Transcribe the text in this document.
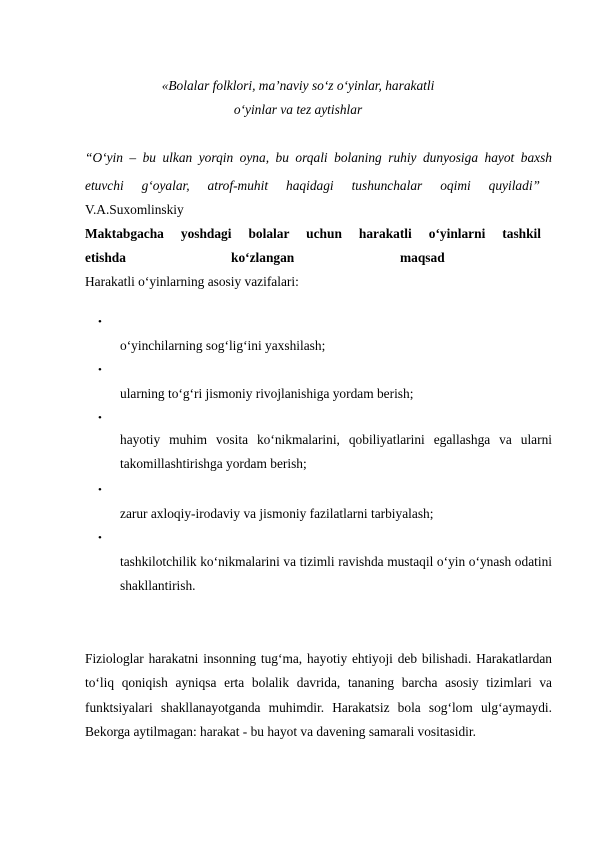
«Bolalar folklori, ma’naviy so‘z o‘yinlar, harakatli
o‘yinlar va tez aytishlar
“O‘yin – bu ulkan yorqin oyna, bu orqali bolaning ruhiy dunyosiga hayot baxsh
etuvchi g‘oyalar, atrof-muhit haqidagi tushunchalar oqimi quyiladi”
V.A.Suxomlinskiy
Maktabgacha yoshdagi bolalar uchun harakatli o‘yinlarni tashkil
etishda	ko‘zlangan	maqsad
Harakatli o‘yinlarning asosiy vazifalari:
•
o‘yinchilarning sog‘lig‘ini yaxshilash;
•
ularning to‘g‘ri jismoniy rivojlanishiga yordam berish;
•
hayotiy muhim vosita ko‘nikmalarini, qobiliyatlarini egallashga va ularni takomillashtirishga yordam berish;
•
zarur axloqiy-irodaviy va jismoniy fazilatlarni tarbiyalash;
•
tashkilotchilik ko‘nikmalarini va tizimli ravishda mustaqil o‘yin o‘ynash odatini shakllantirish.
Fiziologlar harakatni insonning tug‘ma, hayotiy ehtiyoji deb bilishadi. Harakatlardan to‘liq qoniqish ayniqsa erta bolalik davrida, tananing barcha asosiy tizimlari va funktsiyalari shakllanayotganda muhimdir. Harakatsiz bola sog‘lom ulg‘aymaydi. Bekorga aytilmagan: harakat - bu hayot va davening samarali vositasidir.
